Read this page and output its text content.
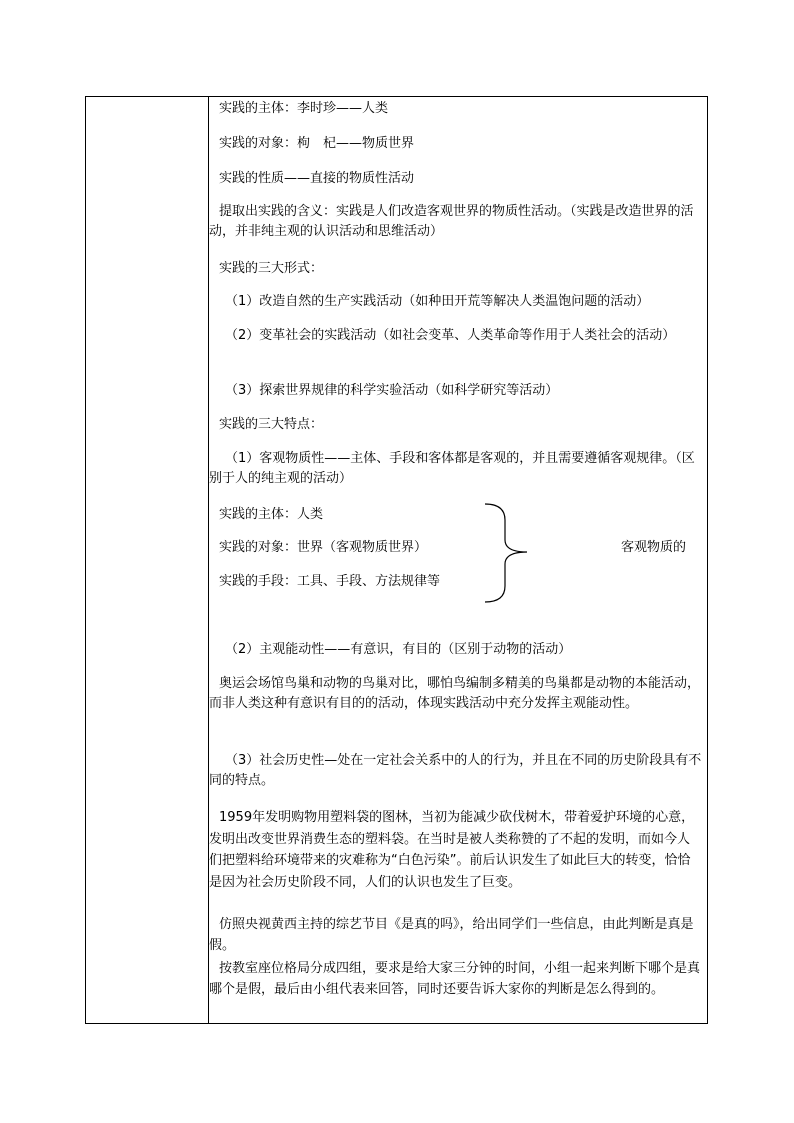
实践的主体：李时珍——人类
实践的对象：枸　杞——物质世界
实践的性质——直接的物质性活动
提取出实践的含义：实践是人们改造客观世界的物质性活动。（实践是改造世界的活动，并非纯主观的认识活动和思维活动）
实践的三大形式：
（1）改造自然的生产实践活动（如种田开荒等解决人类温饱问题的活动）
（2）变革社会的实践活动（如社会变革、人类革命等作用于人类社会的活动）
（3）探索世界规律的科学实验活动（如科学研究等活动）
实践的三大特点：
（1）客观物质性——主体、手段和客体都是客观的，并且需要遵循客观规律。（区别于人的纯主观的活动）
实践的主体：人类
实践的对象：世界（客观物质世界）
实践的手段：工具、手段、方法规律等
客观物质的
（2）主观能动性——有意识，有目的（区别于动物的活动）
奥运会场馆鸟巢和动物的鸟巢对比，哪怕鸟编制多精美的鸟巢都是动物的本能活动，而非人类这种有意识有目的的活动，体现实践活动中充分发挥主观能动性。
（3）社会历史性—处在一定社会关系中的人的行为，并且在不同的历史阶段具有不同的特点。
1959年发明购物用塑料袋的图林，当初为能减少砍伐树木，带着爱护环境的心意，发明出改变世界消费生态的塑料袋。在当时是被人类称赞的了不起的发明，而如今人们把塑料给环境带来的灾难称为“白色污染”。前后认识发生了如此巨大的转变，恰恰是因为社会历史阶段不同，人们的认识也发生了巨变。
仿照央视黄西主持的综艺节目《是真的吗》，给出同学们一些信息，由此判断是真是假。
按教室座位格局分成四组，要求是给大家三分钟的时间，小组一起来判断下哪个是真哪个是假，最后由小组代表来回答，同时还要告诉大家你的判断是怎么得到的。
